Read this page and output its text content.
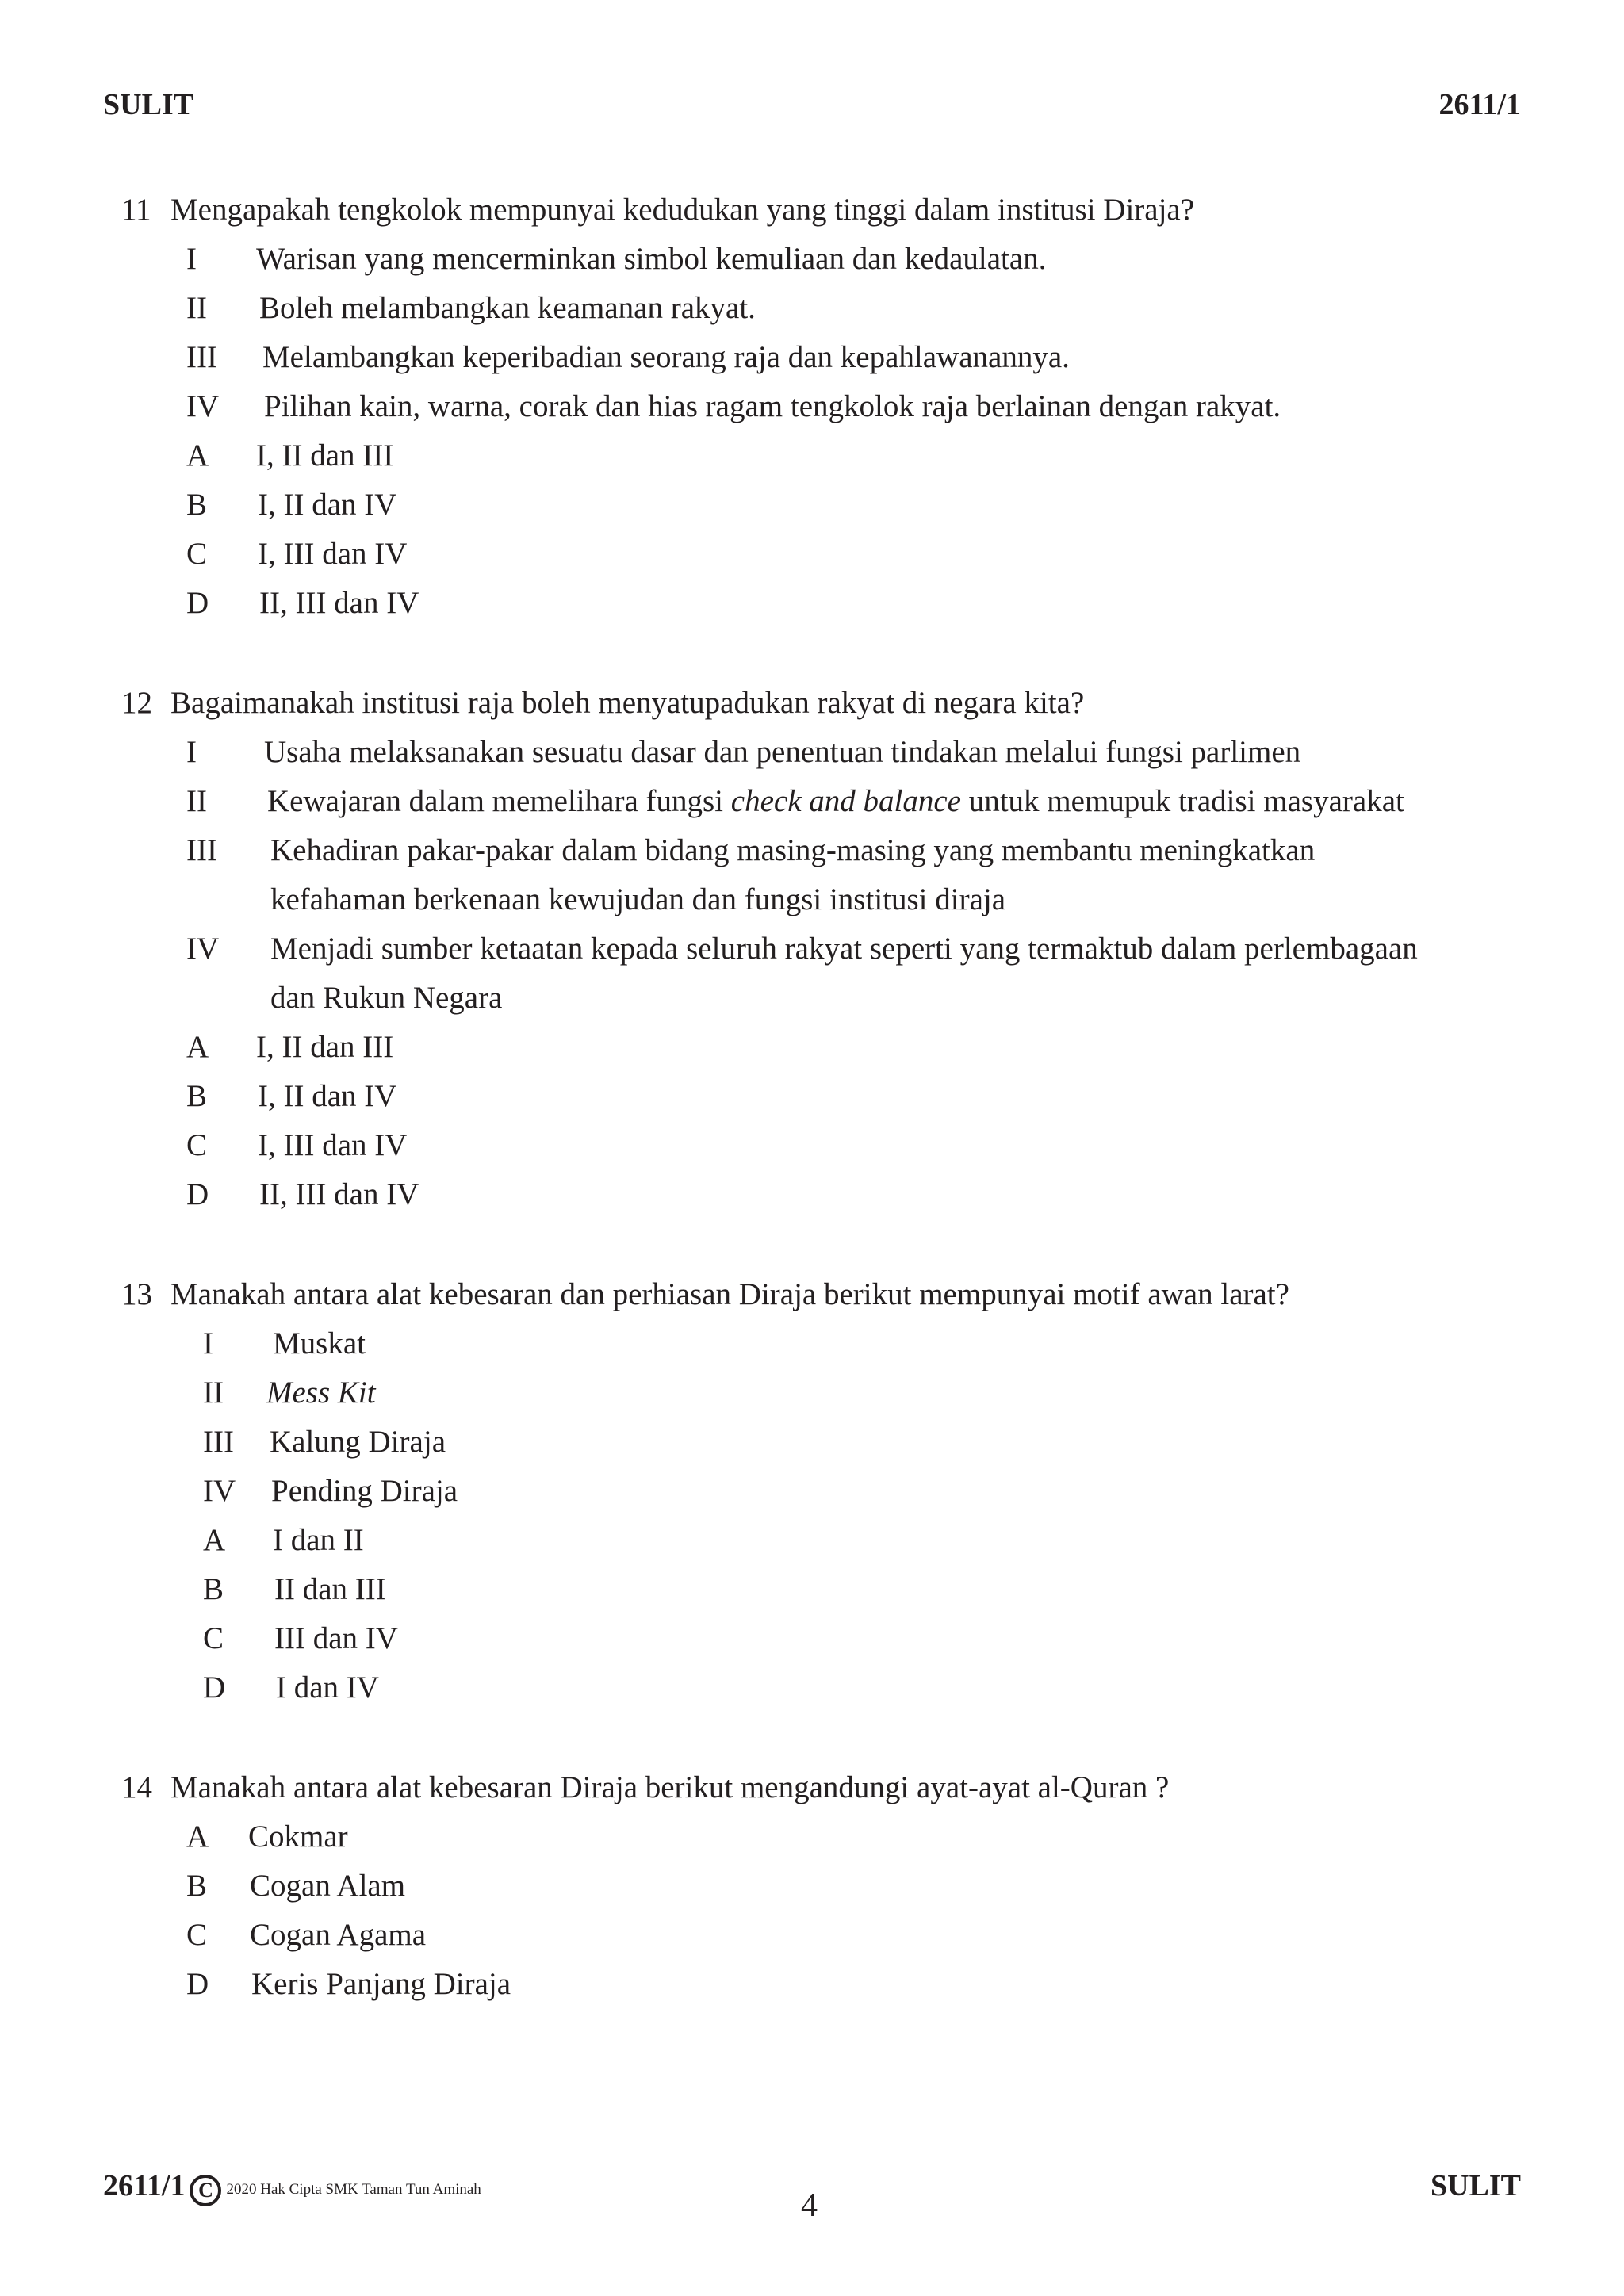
SULIT	2611/1
11 Mengapakah tengkolok mempunyai kedudukan yang tinggi dalam institusi Diraja?
I Warisan yang mencerminkan simbol kemuliaan dan kedaulatan.
II Boleh melambangkan keamanan rakyat.
III Melambangkan keperibadian seorang raja dan kepahlawanannya.
IV Pilihan kain, warna, corak dan hias ragam tengkolok raja berlainan dengan rakyat.
A I, II dan III
B I, II dan IV
C I, III dan IV
D II, III dan IV
12 Bagaimanakah institusi raja boleh menyatupadukan rakyat di negara kita?
I Usaha melaksanakan sesuatu dasar dan penentuan tindakan melalui fungsi parlimen
II Kewajaran dalam memelihara fungsi check and balance untuk memupuk tradisi masyarakat
III Kehadiran pakar-pakar dalam bidang masing-masing yang membantu meningkatkan
kefahaman berkenaan kewujudan dan fungsi institusi diraja
IV Menjadi sumber ketaatan kepada seluruh rakyat seperti yang termaktub dalam perlembagaan
dan Rukun Negara
A I, II dan III
B I, II dan IV
C I, III dan IV
D II, III dan IV
13 Manakah antara alat kebesaran dan perhiasan Diraja berikut mempunyai motif awan larat?
I Muskat
II Mess Kit
III Kalung Diraja
IV Pending Diraja
A I dan II
B II dan III
C III dan IV
D I dan IV
14 Manakah antara alat kebesaran Diraja berikut mengandungi ayat-ayat al-Quran ?
A Cokmar
B Cogan Alam
C Cogan Agama
D Keris Panjang Diraja
2611/1 C 2020 Hak Cipta SMK Taman Tun Aminah	4
SULIT
